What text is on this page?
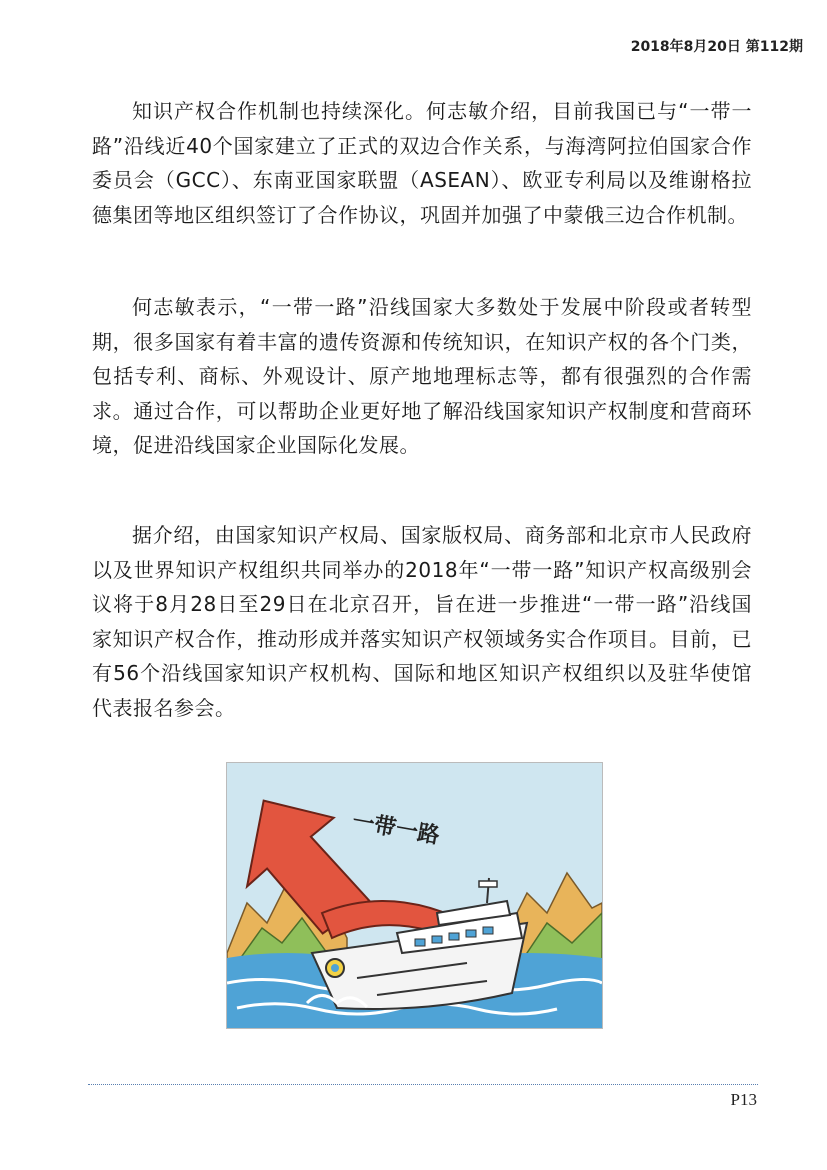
2018年8月20日 第112期

知识产权合作机制也持续深化。何志敏介绍，目前我国已与“一带一路”沿线近40个国家建立了正式的双边合作关系，与海湾阿拉伯国家合作委员会（GCC）、东南亚国家联盟（ASEAN）、欧亚专利局以及维谢格拉德集团等地区组织签订了合作协议，巩固并加强了中蒙俄三边合作机制。

何志敏表示，“一带一路”沿线国家大多数处于发展中阶段或者转型期，很多国家有着丰富的遗传资源和传统知识，在知识产权的各个门类，包括专利、商标、外观设计、原产地地理标志等，都有很强烈的合作需求。通过合作，可以帮助企业更好地了解沿线国家知识产权制度和营商环境，促进沿线国家企业国际化发展。

据介绍，由国家知识产权局、国家版权局、商务部和北京市人民政府以及世界知识产权组织共同举办的2018年“一带一路”知识产权高级别会议将于8月28日至29日在北京召开，旨在进一步推进“一带一路”沿线国家知识产权合作，推动形成并落实知识产权领域务实合作项目。目前，已有56个沿线国家知识产权机构、国际和地区知识产权组织以及驻华使馆代表报名参会。

一带一路
P13
